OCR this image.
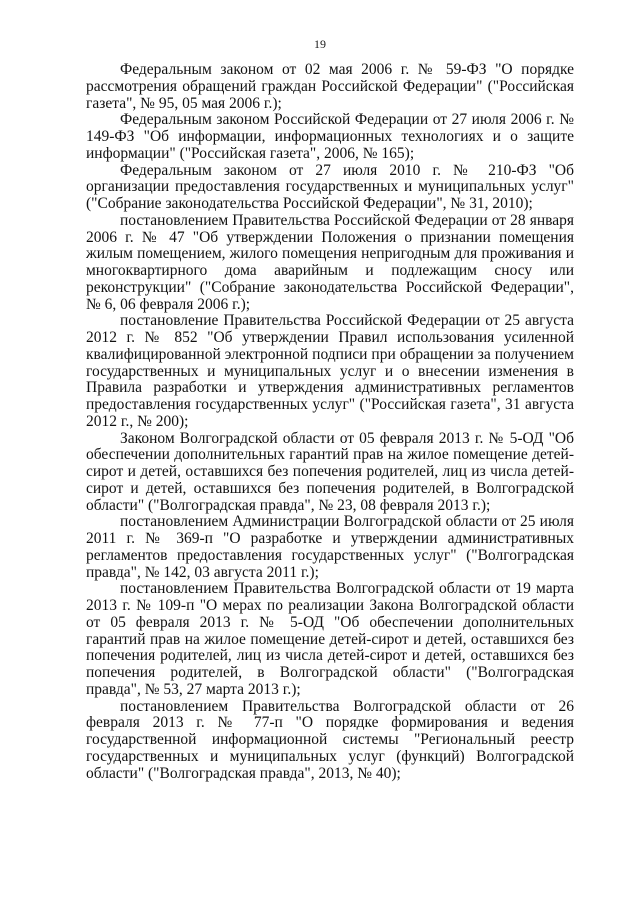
19

Федеральным законом от 02 мая 2006 г. № 59-ФЗ "О порядке рассмотрения обращений граждан Российской Федерации" ("Российская газета", № 95, 05 мая 2006 г.);

Федеральным законом Российской Федерации от 27 июля 2006 г. № 149-ФЗ "Об информации, информационных технологиях и о защите информации" ("Российская газета", 2006, № 165);

Федеральным законом от 27 июля 2010 г. № 210-ФЗ "Об организации предоставления государственных и муниципальных услуг" ("Собрание законодательства Российской Федерации", № 31, 2010);

постановлением Правительства Российской Федерации от 28 января 2006 г. № 47 "Об утверждении Положения о признании помещения жилым помещением, жилого помещения непригодным для проживания и многоквартирного дома аварийным и подлежащим сносу или реконструкции" ("Собрание законодательства Российской Федерации", № 6, 06 февраля 2006 г.);

постановление Правительства Российской Федерации от 25 августа 2012 г. № 852 "Об утверждении Правил использования усиленной квалифицированной электронной подписи при обращении за получением государственных и муниципальных услуг и о внесении изменения в Правила разработки и утверждения административных регламентов предоставления государственных услуг" ("Российская газета", 31 августа 2012 г., № 200);

Законом Волгоградской области от 05 февраля 2013 г. № 5-ОД "Об обеспечении дополнительных гарантий прав на жилое помещение детей-сирот и детей, оставшихся без попечения родителей, лиц из числа детей-сирот и детей, оставшихся без попечения родителей, в Волгоградской области" ("Волгоградская правда", № 23, 08 февраля 2013 г.);

постановлением Администрации Волгоградской области от 25 июля 2011 г. № 369-п "О разработке и утверждении административных регламентов предоставления государственных услуг" ("Волгоградская правда", № 142, 03 августа 2011 г.);

постановлением Правительства Волгоградской области от 19 марта 2013 г. № 109-п "О мерах по реализации Закона Волгоградской области от 05 февраля 2013 г. № 5-ОД "Об обеспечении дополнительных гарантий прав на жилое помещение детей-сирот и детей, оставшихся без попечения родителей, лиц из числа детей-сирот и детей, оставшихся без попечения родителей, в Волгоградской области" ("Волгоградская правда", № 53, 27 марта 2013 г.);

постановлением Правительства Волгоградской области от 26 февраля 2013 г. № 77-п "О порядке формирования и ведения государственной информационной системы "Региональный реестр государственных и муниципальных услуг (функций) Волгоградской области" ("Волгоградская правда", 2013, № 40);
